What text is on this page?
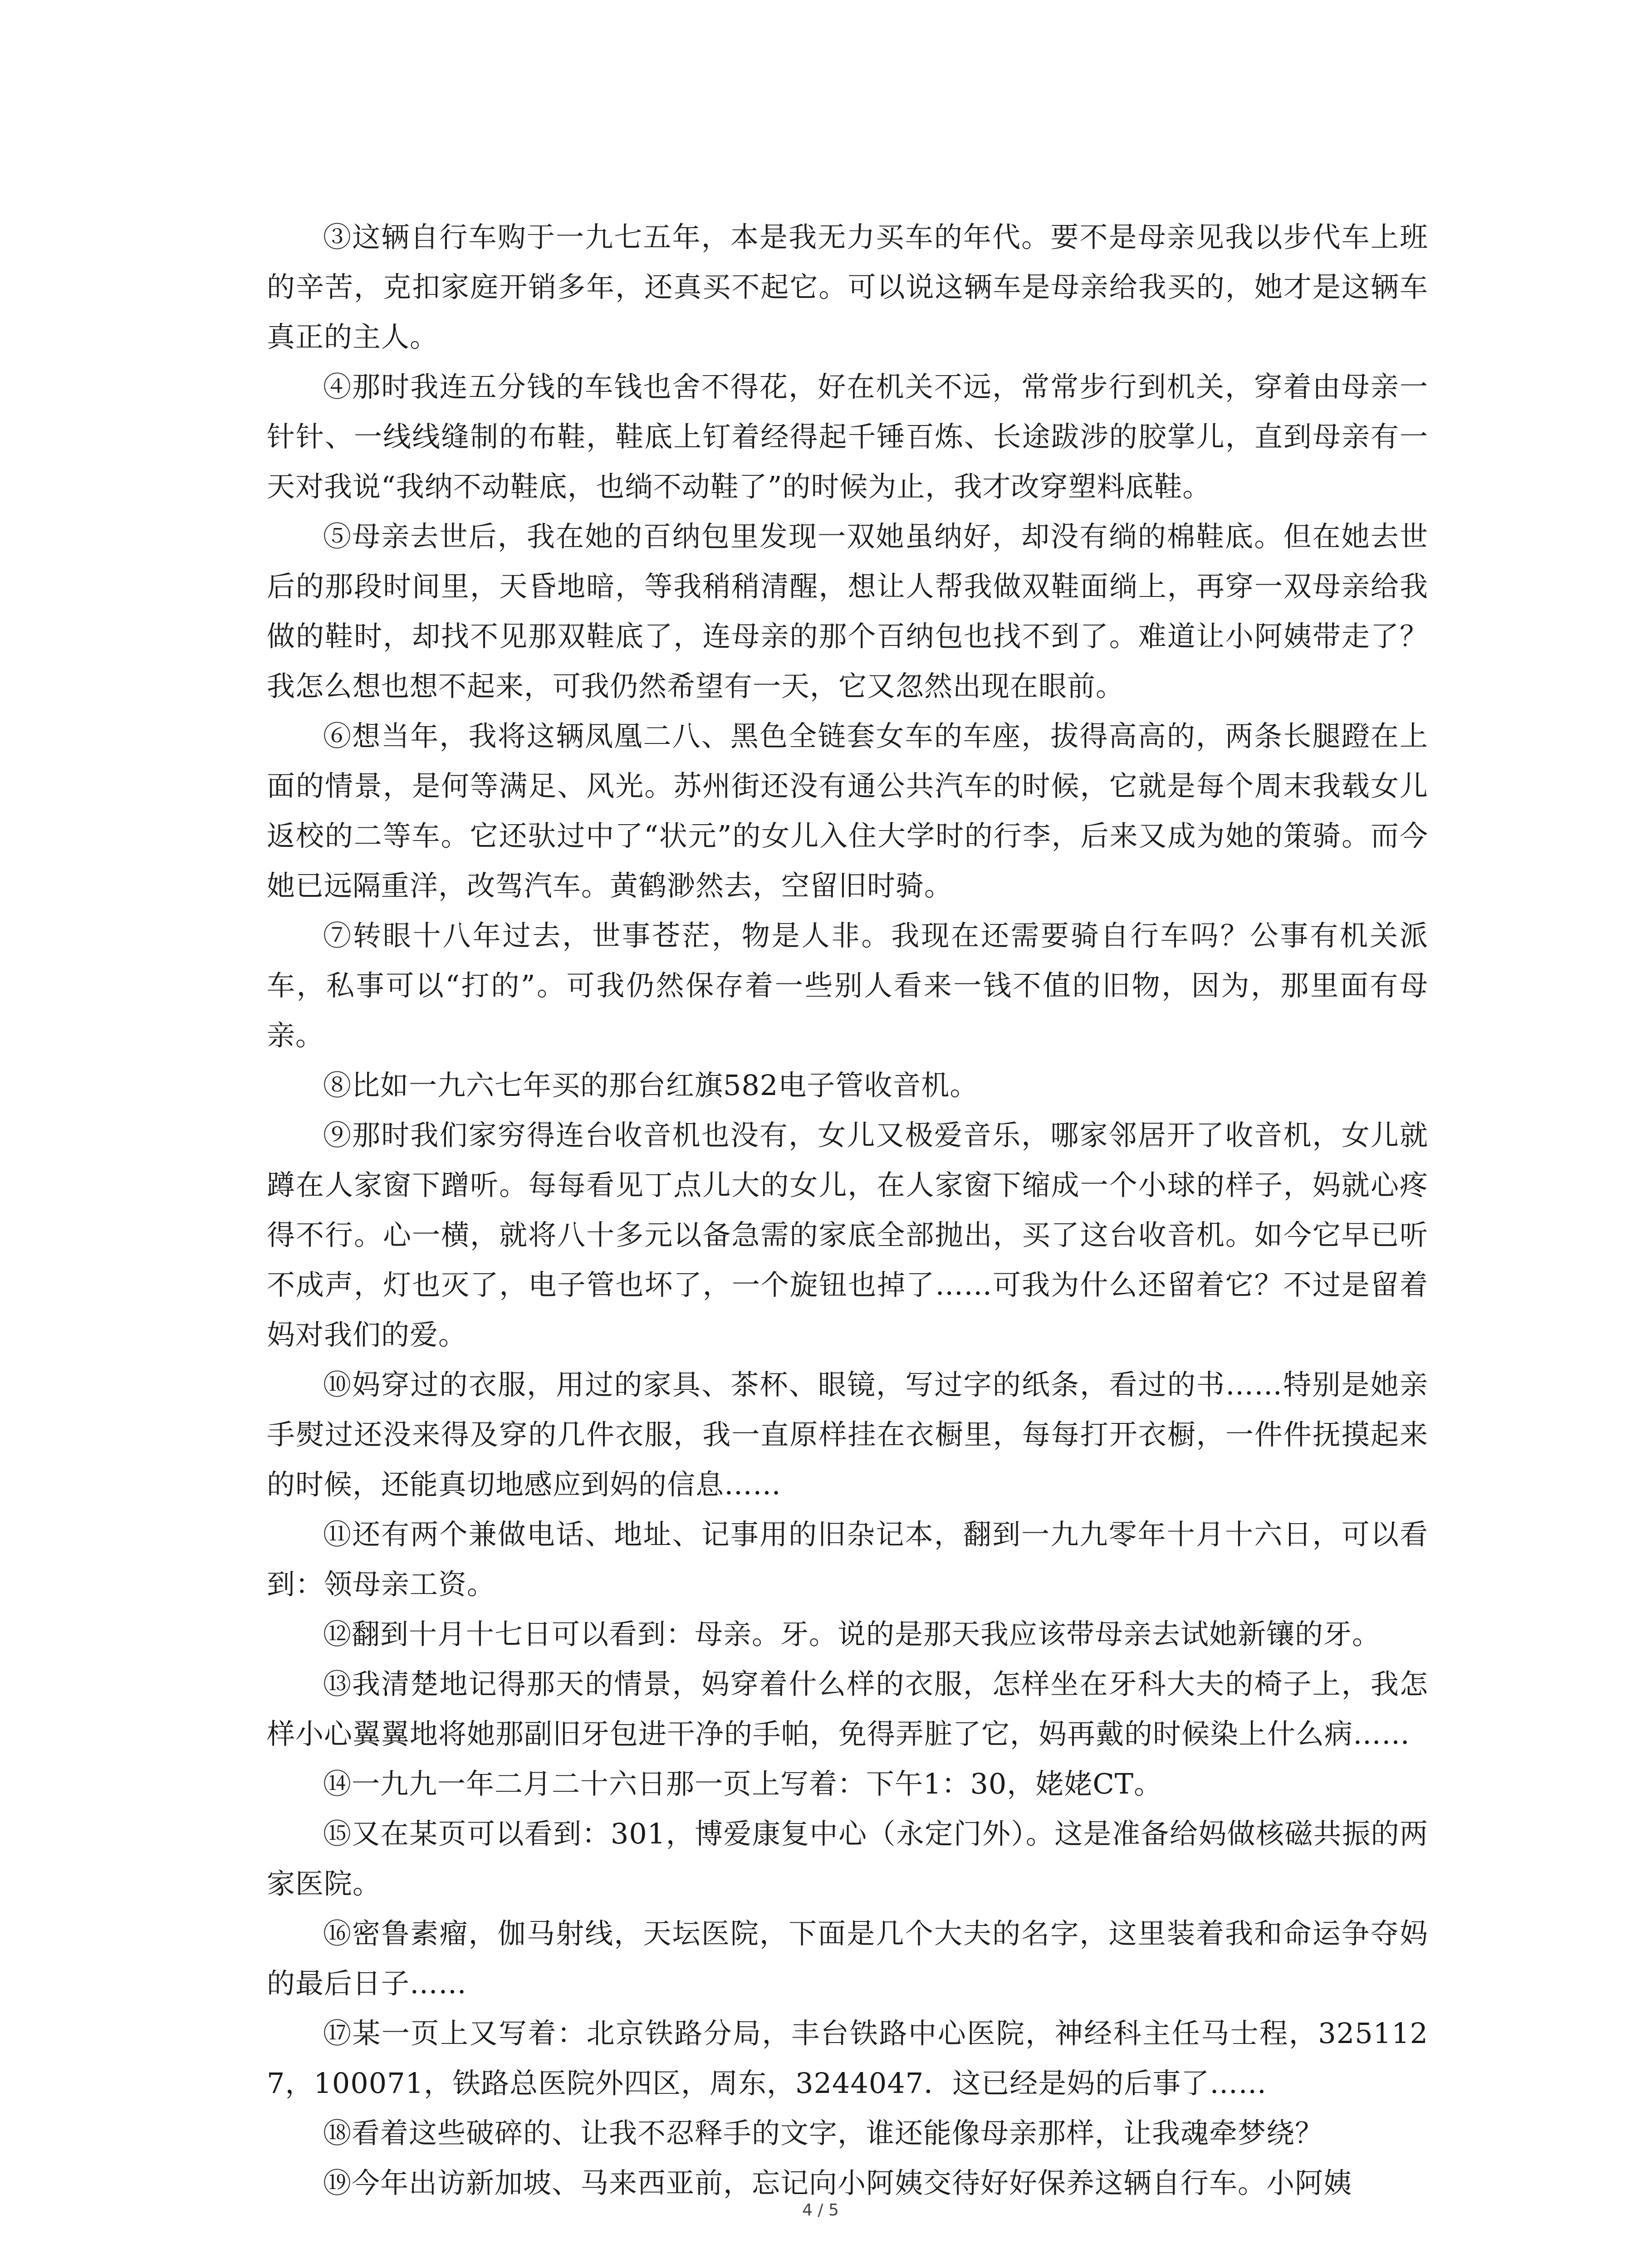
③这辆自行车购于一九七五年，本是我无力买车的年代。要不是母亲见我以步代车上班的辛苦，克扣家庭开销多年，还真买不起它。可以说这辆车是母亲给我买的，她才是这辆车真正的主人。

④那时我连五分钱的车钱也舍不得花，好在机关不远，常常步行到机关，穿着由母亲一针针、一线线缝制的布鞋，鞋底上钉着经得起千锤百炼、长途跋涉的胶掌儿，直到母亲有一天对我说“我纳不动鞋底，也绱不动鞋了”的时候为止，我才改穿塑料底鞋。

⑤母亲去世后，我在她的百纳包里发现一双她虽纳好，却没有绱的棉鞋底。但在她去世后的那段时间里，天昏地暗，等我稍稍清醒，想让人帮我做双鞋面绱上，再穿一双母亲给我做的鞋时，却找不见那双鞋底了，连母亲的那个百纳包也找不到了。难道让小阿姨带走了？我怎么想也想不起来，可我仍然希望有一天，它又忽然出现在眼前。

⑥想当年，我将这辆凤凰二八、黑色全链套女车的车座，拔得高高的，两条长腿蹬在上面的情景，是何等满足、风光。苏州街还没有通公共汽车的时候，它就是每个周末我载女儿返校的二等车。它还驮过中了“状元”的女儿入住大学时的行李，后来又成为她的策骑。而今她已远隔重洋，改驾汽车。黄鹤渺然去，空留旧时骑。

⑦转眼十八年过去，世事苍茫，物是人非。我现在还需要骑自行车吗？公事有机关派车，私事可以“打的”。可我仍然保存着一些别人看来一钱不值的旧物，因为，那里面有母亲。

⑧比如一九六七年买的那台红旗582电子管收音机。

⑨那时我们家穷得连台收音机也没有，女儿又极爱音乐，哪家邻居开了收音机，女儿就蹲在人家窗下蹭听。每每看见丁点儿大的女儿，在人家窗下缩成一个小球的样子，妈就心疼得不行。心一横，就将八十多元以备急需的家底全部抛出，买了这台收音机。如今它早已听不成声，灯也灭了，电子管也坏了，一个旋钮也掉了……可我为什么还留着它？不过是留着妈对我们的爱。

⑩妈穿过的衣服，用过的家具、茶杯、眼镜，写过字的纸条，看过的书……特别是她亲手熨过还没来得及穿的几件衣服，我一直原样挂在衣橱里，每每打开衣橱，一件件抚摸起来的时候，还能真切地感应到妈的信息……

⑪还有两个兼做电话、地址、记事用的旧杂记本，翻到一九九零年十月十六日，可以看到：领母亲工资。

⑫翻到十月十七日可以看到：母亲。牙。说的是那天我应该带母亲去试她新镶的牙。

⑬我清楚地记得那天的情景，妈穿着什么样的衣服，怎样坐在牙科大夫的椅子上，我怎样小心翼翼地将她那副旧牙包进干净的手帕，免得弄脏了它，妈再戴的时候染上什么病……

⑭一九九一年二月二十六日那一页上写着：下午1：30，姥姥CT。

⑮又在某页可以看到：301，博爱康复中心（永定门外）。这是准备给妈做核磁共振的两家医院。

⑯密鲁素瘤，伽马射线，天坛医院，下面是几个大夫的名字，这里装着我和命运争夺妈的最后日子……

⑰某一页上又写着：北京铁路分局，丰台铁路中心医院，神经科主任马士程，3251127，100071，铁路总医院外四区，周东，3244047．这已经是妈的后事了……

⑱看着这些破碎的、让我不忍释手的文字，谁还能像母亲那样，让我魂牵梦绕？

⑲今年出访新加坡、马来西亚前，忘记向小阿姨交待好好保养这辆自行车。小阿姨

4 / 5
